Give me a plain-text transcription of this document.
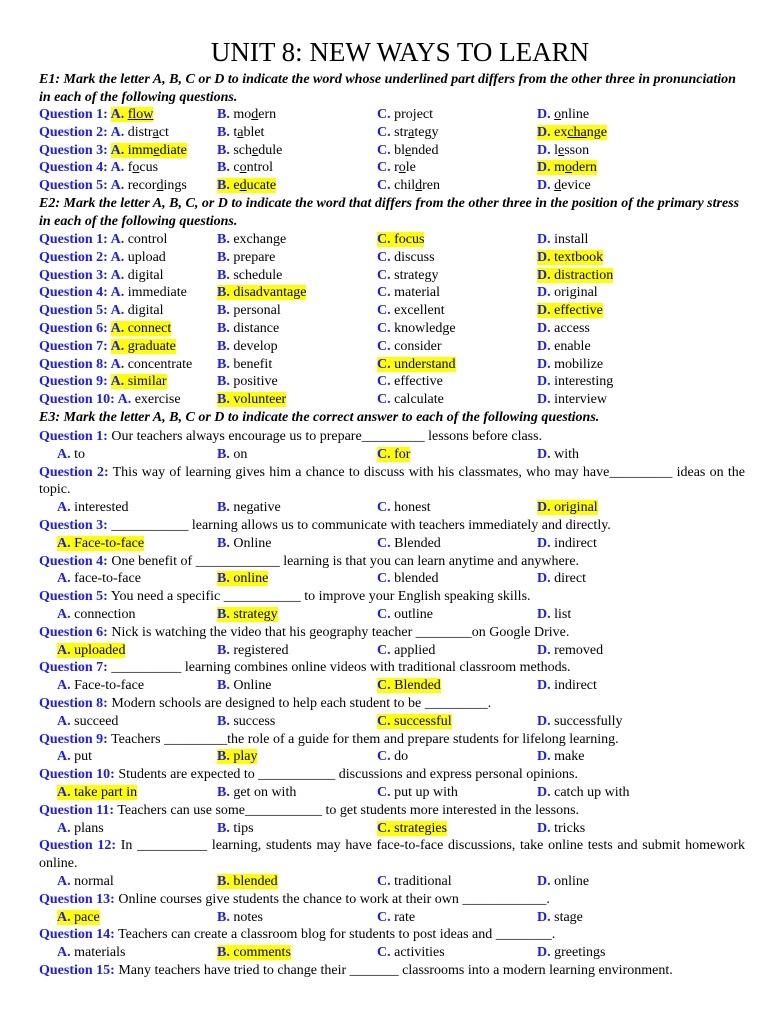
UNIT 8: NEW WAYS TO LEARN
E1: Mark the letter A, B, C or D to indicate the word whose underlined part differs from the other three in pronunciation in each of the following questions.
Question 1: A. flow	B. modern	C. project	D. online
Question 2: A. distract	B. tablet	C. strategy	D. exchange
Question 3: A. immediate B. schedule	C. blended	D. lesson
Question 4: A. focus	B. control	C. role	D. modern
Question 5: A. recordings B. educate	C. children	D. device
E2: Mark the letter A, B, C, or D to indicate the word that differs from the other three in the position of the primary stress in each of the following questions.
Question 1: A. control	B. exchange	C. focus	D. install
Question 2: A. upload	B. prepare	C. discuss	D. textbook
Question 3: A. digital	B. schedule	C. strategy	D. distraction
Question 4: A. immediate B. disadvantage	C. material	D. original
Question 5: A. digital	B. personal	C. excellent	D. effective
Question 6: A. connect	B. distance	C. knowledge	D. access
Question 7: A. graduate	B. develop	C. consider	D. enable
Question 8: A. concentrate B. benefit	C. understand	D. mobilize
Question 9: A. similar	B. positive	C. effective	D. interesting
Question 10: A. exercise	B. volunteer	C. calculate	D. interview
E3: Mark the letter A, B, C or D to indicate the correct answer to each of the following questions.
Question 1: Our teachers always encourage us to prepare_________ lessons before class.
A. to	B. on	C. for	D. with
Question 2: This way of learning gives him a chance to discuss with his classmates, who may have_________ ideas on the topic.
A. interested	B. negative	C. honest	D. original
Question 3: ___________ learning allows us to communicate with teachers immediately and directly.
A. Face-to-face	B. Online	C. Blended	D. indirect
Question 4: One benefit of ____________ learning is that you can learn anytime and anywhere.
A. face-to-face	B. online	C. blended	D. direct
Question 5: You need a specific ___________ to improve your English speaking skills.
A. connection	B. strategy	C. outline	D. list
Question 6: Nick is watching the video that his geography teacher ________on Google Drive.
A. uploaded	B. registered	C. applied	D. removed
Question 7: __________ learning combines online videos with traditional classroom methods.
A. Face-to-face	B. Online	C. Blended	D. indirect
Question 8: Modern schools are designed to help each student to be _________.
A. succeed	B. success	C. successful	D. successfully
Question 9: Teachers _________the role of a guide for them and prepare students for lifelong learning.
A. put	B. play	C. do	D. make
Question 10: Students are expected to ___________ discussions and express personal opinions.
A. take part in	B. get on with	C. put up with	D. catch up with
Question 11: Teachers can use some___________ to get students more interested in the lessons.
A. plans	B. tips	C. strategies	D. tricks
Question 12: In __________ learning, students may have face-to-face discussions, take online tests and submit homework online.
A. normal	B. blended	C. traditional	D. online
Question 13: Online courses give students the chance to work at their own ____________.
A. pace	B. notes	C. rate	D. stage
Question 14: Teachers can create a classroom blog for students to post ideas and ________.
A. materials	B. comments	C. activities	D. greetings
Question 15: Many teachers have tried to change their _______ classrooms into a modern learning environment.
